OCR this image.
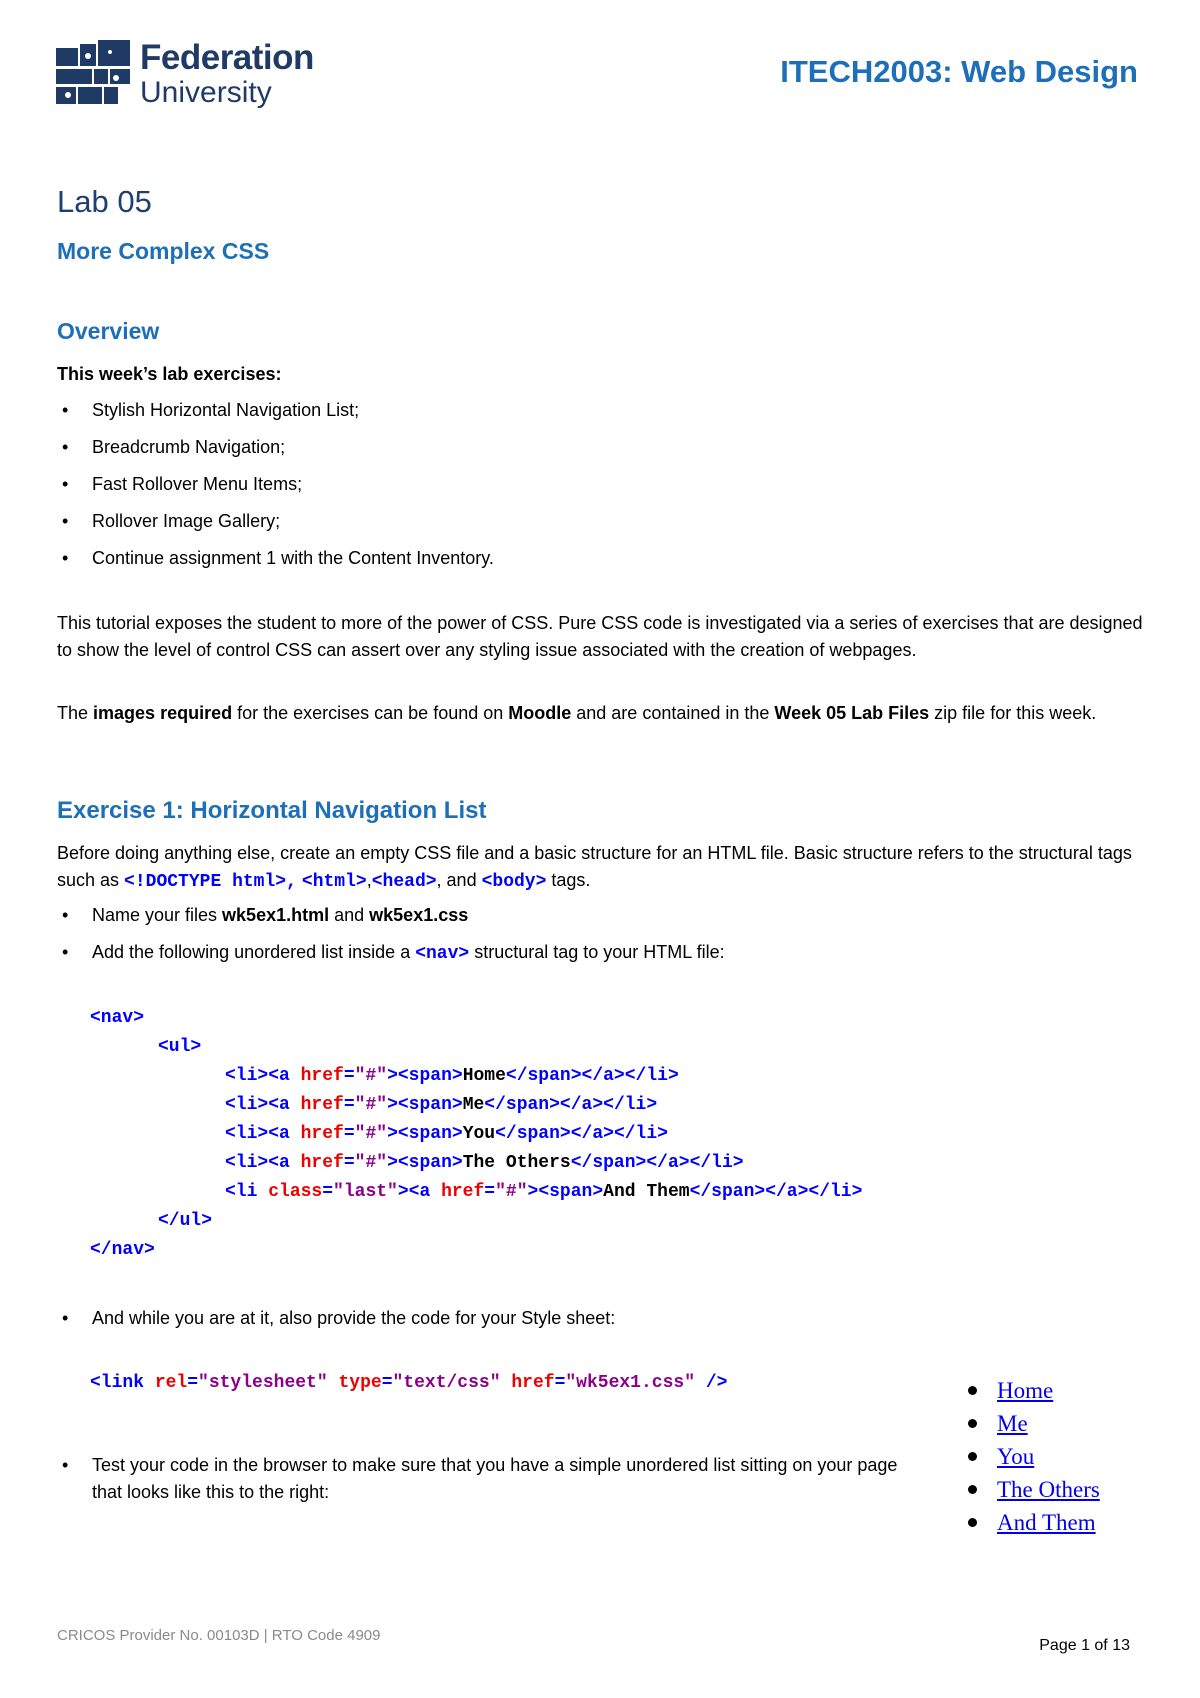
Federation
University
ITECH2003: Web Design
Lab 05
More Complex CSS
Overview
This week’s lab exercises:
• Stylish Horizontal Navigation List;
• Breadcrumb Navigation;
• Fast Rollover Menu Items;
• Rollover Image Gallery;
• Continue assignment 1 with the Content Inventory.
This tutorial exposes the student to more of the power of CSS. Pure CSS code is investigated via a series of exercises that are designed to show the level of control CSS can assert over any styling issue associated with the creation of webpages.
The images required for the exercises can be found on Moodle and are contained in the Week 05 Lab Files zip file for this week.
Exercise 1: Horizontal Navigation List
Before doing anything else, create an empty CSS file and a basic structure for an HTML file. Basic structure refers to the structural tags such as <!DOCTYPE html>, <html>,<head>, and <body> tags.
• Name your files wk5ex1.html and wk5ex1.css
• Add the following unordered list inside a <nav> structural tag to your HTML file:
<nav>
<ul>
<li><a href="#"><span>Home</span></a></li>
<li><a href="#"><span>Me</span></a></li>
<li><a href="#"><span>You</span></a></li>
<li><a href="#"><span>The Others</span></a></li>
<li class="last"><a href="#"><span>And Them</span></a></li>
</ul>
</nav>
• And while you are at it, also provide the code for your Style sheet:
<link rel="stylesheet" type="text/css" href="wk5ex1.css" />
• Test your code in the browser to make sure that you have a simple unordered list sitting on your page that looks like this to the right:
Home
Me
You
The Others
And Them
CRICOS Provider No. 00103D | RTO Code 4909
Page 1 of 13
